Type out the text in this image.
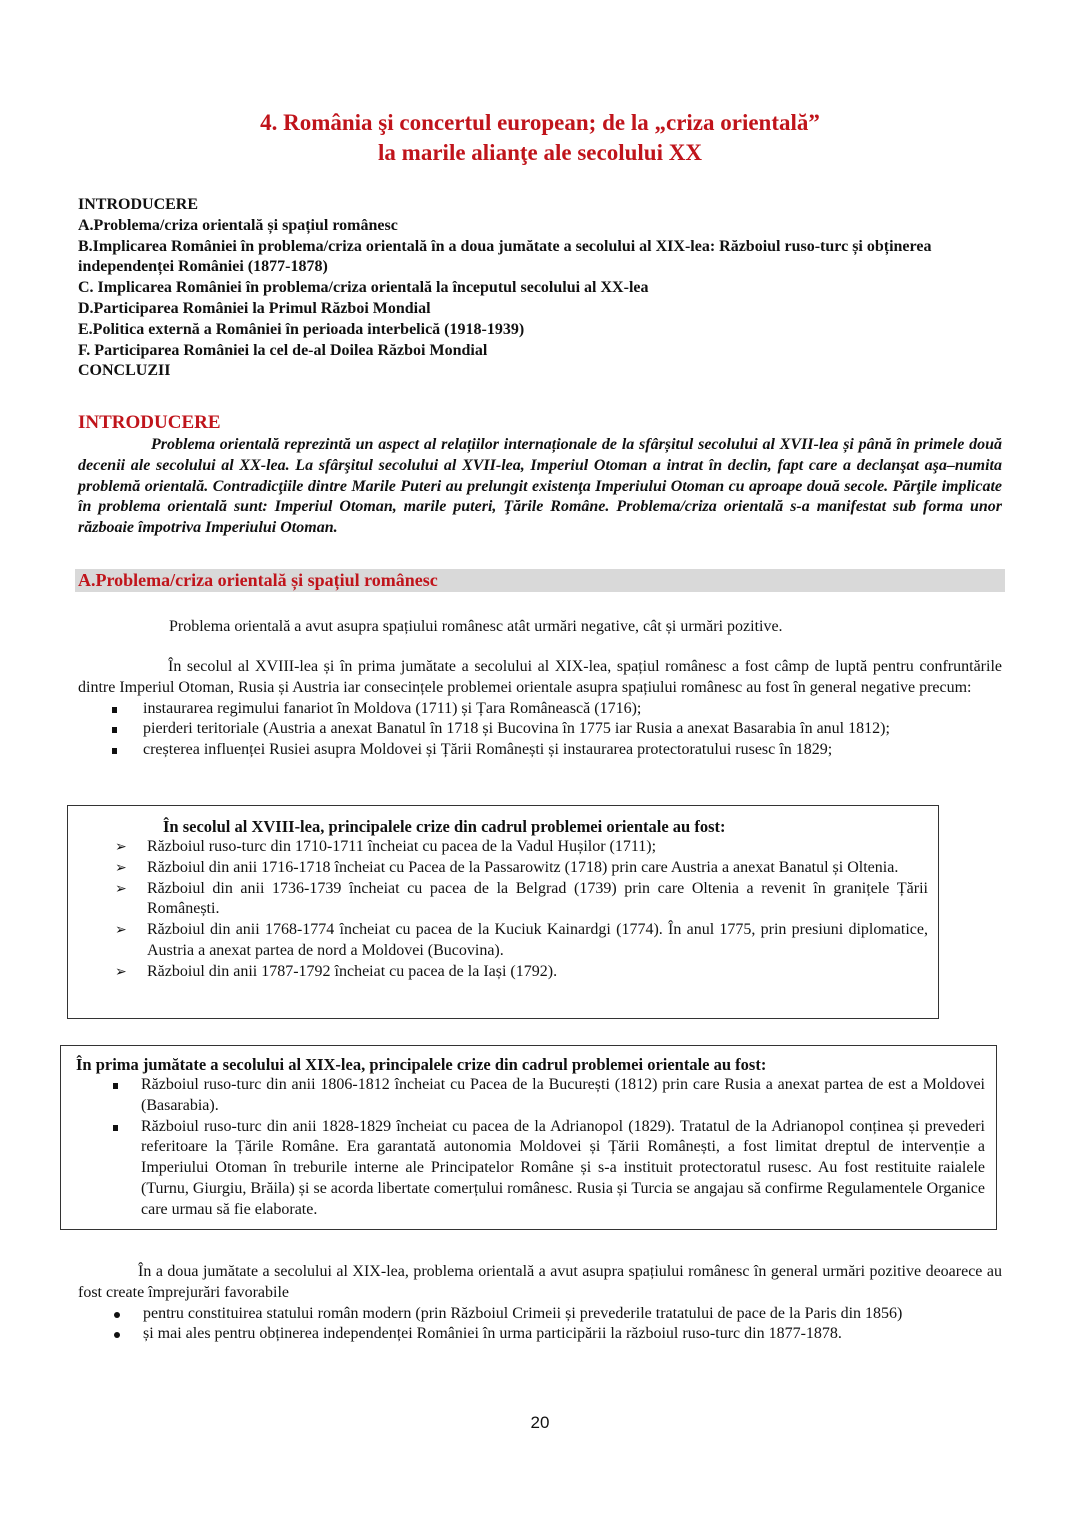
4. România şi concertul european; de la „criza orientală”
la marile alianţe ale secolului XX
INTRODUCERE
A.Problema/criza orientală și spațiul românesc
B.Implicarea României în problema/criza orientală în a doua jumătate a secolului al XIX-lea: Războiul ruso-turc și obținerea independenței României (1877-1878)
C. Implicarea României în problema/criza orientală la începutul secolului al XX-lea
D.Participarea României la Primul Război Mondial
E.Politica externă a României în perioada interbelică (1918-1939)
F. Participarea României la cel de-al Doilea Război Mondial
CONCLUZII
INTRODUCERE

Problema orientală reprezintă un aspect al relațiilor internaționale de la sfârșitul secolului al XVII-lea și până în primele două decenii ale secolului al XX-lea. La sfârşitul secolului al XVII-lea, Imperiul Otoman a intrat în declin, fapt care a declanşat aşa–numita problemă orientală. Contradicţiile dintre Marile Puteri au prelungit existenţa Imperiului Otoman cu aproape două secole. Părţile implicate în problema orientală sunt: Imperiul Otoman, marile puteri, Ţările Române. Problema/criza orientală s-a manifestat sub forma unor războaie împotriva Imperiului Otoman.

A.Problema/criza orientală și spațiul românesc

Problema orientală a avut asupra spațiului românesc atât urmări negative, cât și urmări pozitive.

În secolul al XVIII-lea și în prima jumătate a secolului al XIX-lea, spațiul românesc a fost câmp de luptă pentru confruntările dintre Imperiul Otoman, Rusia și Austria iar consecințele problemei orientale asupra spațiului românesc au fost în general negative precum:
instaurarea regimului fanariot în Moldova (1711) și Țara Românească (1716);
pierderi teritoriale (Austria a anexat Banatul în 1718 și Bucovina în 1775 iar Rusia a anexat Basarabia în anul 1812);
creșterea influenței Rusiei asupra Moldovei și Țării Românești și instaurarea protectoratului rusesc în 1829;
În secolul al XVIII-lea, principalele crize din cadrul problemei orientale au fost:
➢ Războiul ruso-turc din 1710-1711 încheiat cu pacea de la Vadul Hușilor (1711);
➢ Războiul din anii 1716-1718 încheiat cu Pacea de la Passarowitz (1718) prin care Austria a anexat Banatul și Oltenia.
➢ Războiul din anii 1736-1739 încheiat cu pacea de la Belgrad (1739) prin care Oltenia a revenit în granițele Țării Românești.
➢ Războiul din anii 1768-1774 încheiat cu pacea de la Kuciuk Kainardgi (1774). În anul 1775, prin presiuni diplomatice, Austria a anexat partea de nord a Moldovei (Bucovina).
➢ Războiul din anii 1787-1792 încheiat cu pacea de la Iași (1792).
În prima jumătate a secolului al XIX-lea, principalele crize din cadrul problemei orientale au fost:
Războiul ruso-turc din anii 1806-1812 încheiat cu Pacea de la București (1812) prin care Rusia a anexat partea de est a Moldovei (Basarabia).
Războiul ruso-turc din anii 1828-1829 încheiat cu pacea de la Adrianopol (1829). Tratatul de la Adrianopol conținea și prevederi referitoare la Țările Române. Era garantată autonomia Moldovei și Țării Românești, a fost limitat dreptul de intervenție a Imperiului Otoman în treburile interne ale Principatelor Române și s-a instituit protectoratul rusesc. Au fost restituite raialele (Turnu, Giurgiu, Brăila) și se acorda libertate comerțului românesc. Rusia și Turcia se angajau să confirme Regulamentele Organice care urmau să fie elaborate.
În a doua jumătate a secolului al XIX-lea, problema orientală a avut asupra spațiului românesc în general urmări pozitive deoarece au fost create împrejurări favorabile
pentru constituirea statului român modern (prin Războiul Crimeii și prevederile tratatului de pace de la Paris din 1856)
și mai ales pentru obținerea independenței României în urma participării la războiul ruso-turc din 1877-1878.
20
